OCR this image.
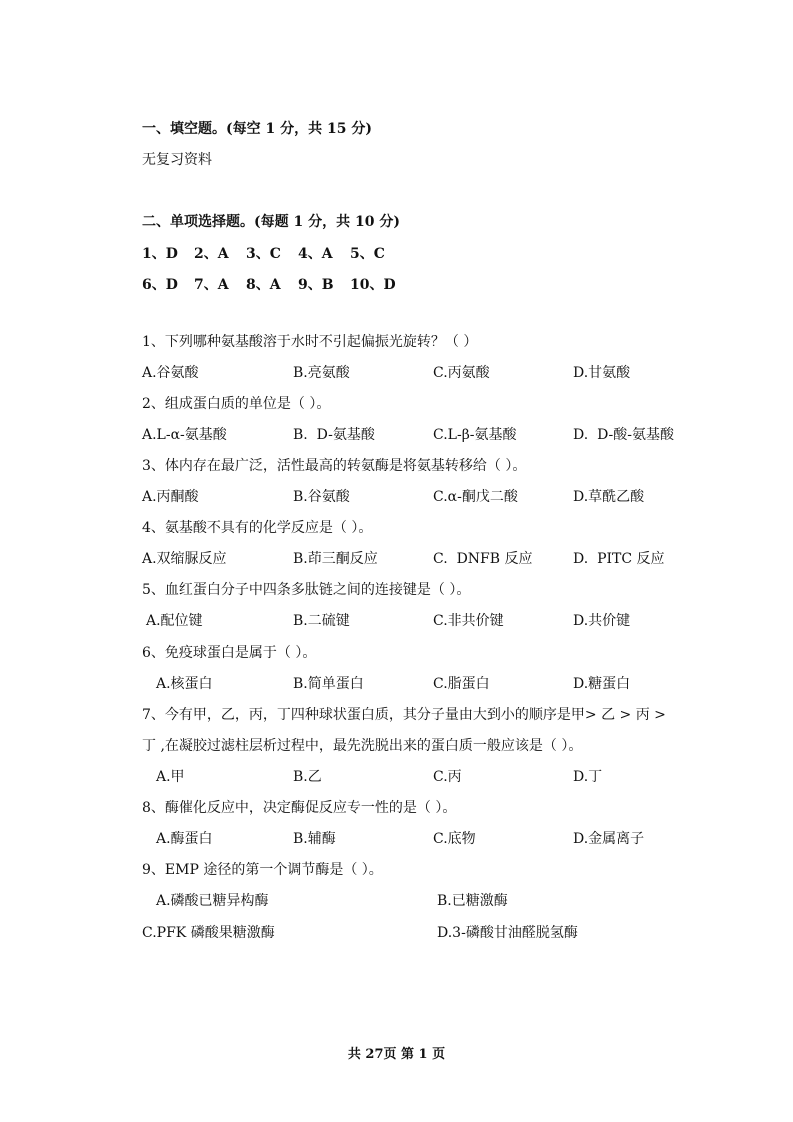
一、填空题。(每空 1 分，共 15 分)
无复习资料
二、单项选择题。(每题 1 分，共 10 分)
1、D 2、A 3、C 4、A 5、C
6、D 7、A 8、A 9、B 10、D
1、下列哪种氨基酸溶于水时不引起偏振光旋转？（ ）
A.谷氨酸	B.亮氨酸	C.丙氨酸	D.甘氨酸
2、组成蛋白质的单位是（ ）。
A.L-α-氨基酸	B.  D-氨基酸	C.L-β-氨基酸	D.  D-酸-氨基酸
3、体内存在最广泛，活性最高的转氨酶是将氨基转移给（ ）。
A.丙酮酸	B.谷氨酸	C.α-酮戊二酸	D.草酰乙酸
4、氨基酸不具有的化学反应是（ ）。
A.双缩脲反应	B.茚三酮反应	C.  DNFB 反应	D.  PITC 反应
5、血红蛋白分子中四条多肽链之间的连接键是（ ）。
A.配位键	B.二硫键	C.非共价键	D.共价键
6、免疫球蛋白是属于（ ）。
A.核蛋白	B.简单蛋白	C.脂蛋白	D.糖蛋白
7、今有甲，乙，丙，丁四种球状蛋白质，其分子量由大到小的顺序是甲> 乙 > 丙 >
丁 ,在凝胶过滤柱层析过程中，最先洗脱出来的蛋白质一般应该是（ ）。
A.甲	B.乙	C.丙	D.丁
8、酶催化反应中，决定酶促反应专一性的是（ ）。
A.酶蛋白	B.辅酶	C.底物	D.金属离子
9、EMP 途径的第一个调节酶是（ ）。
A.磷酸已糖异构酶	B.已糖激酶
C.PFK 磷酸果糖激酶	D.3-磷酸甘油醛脱氢酶
共 27页 第 1 页
